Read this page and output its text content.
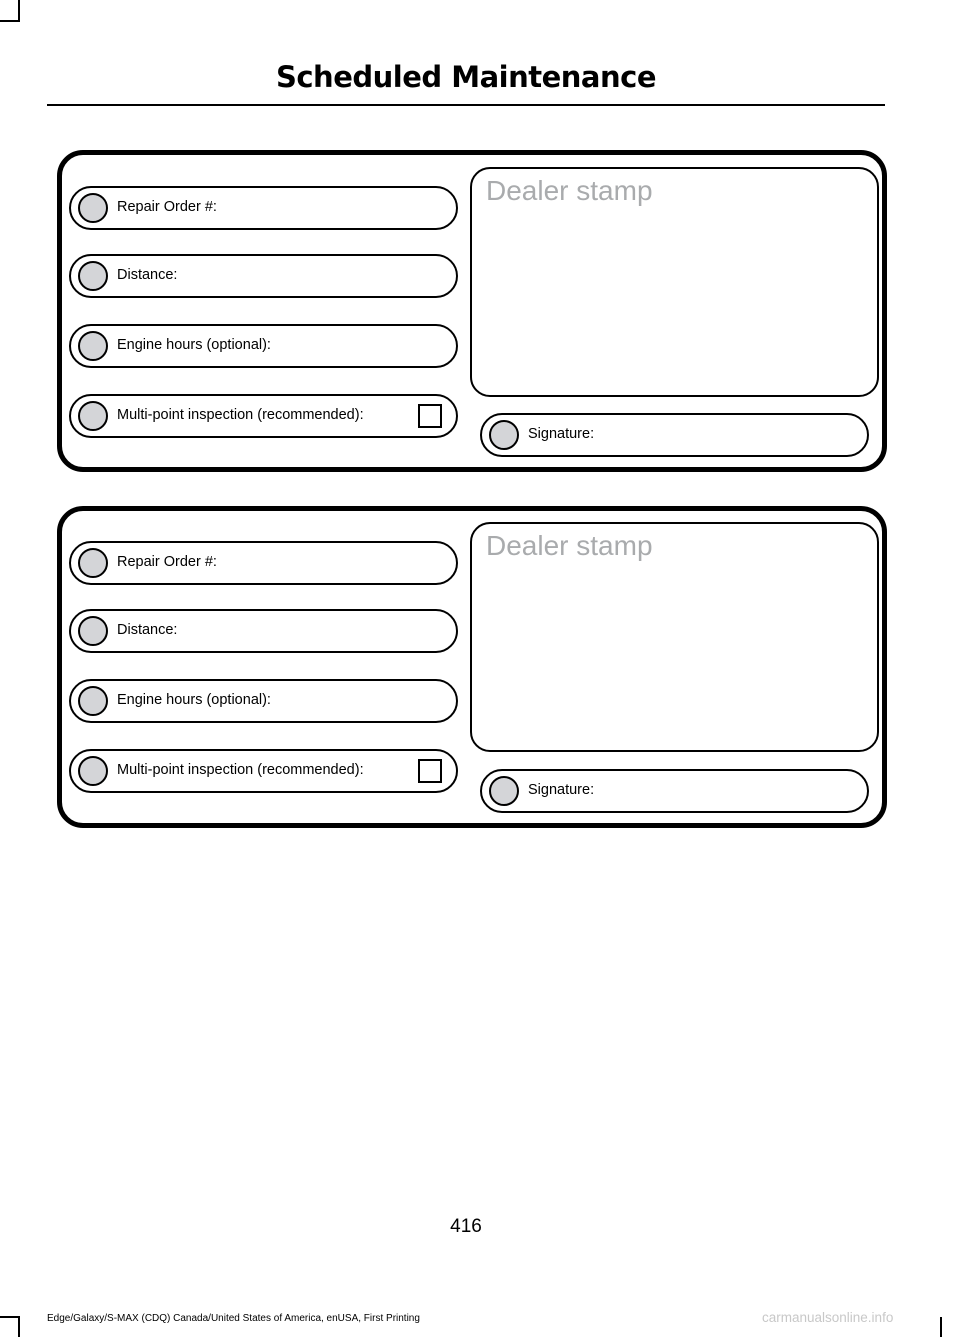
Scheduled Maintenance
Repair Order #:
Distance:
Engine hours (optional):
Multi-point inspection (recommended):
Dealer stamp
Signature:
Repair Order #:
Distance:
Engine hours (optional):
Multi-point inspection (recommended):
Dealer stamp
Signature:
416
Edge/Galaxy/S-MAX (CDQ) Canada/United States of America, enUSA, First Printing	carmanualsonline.info
